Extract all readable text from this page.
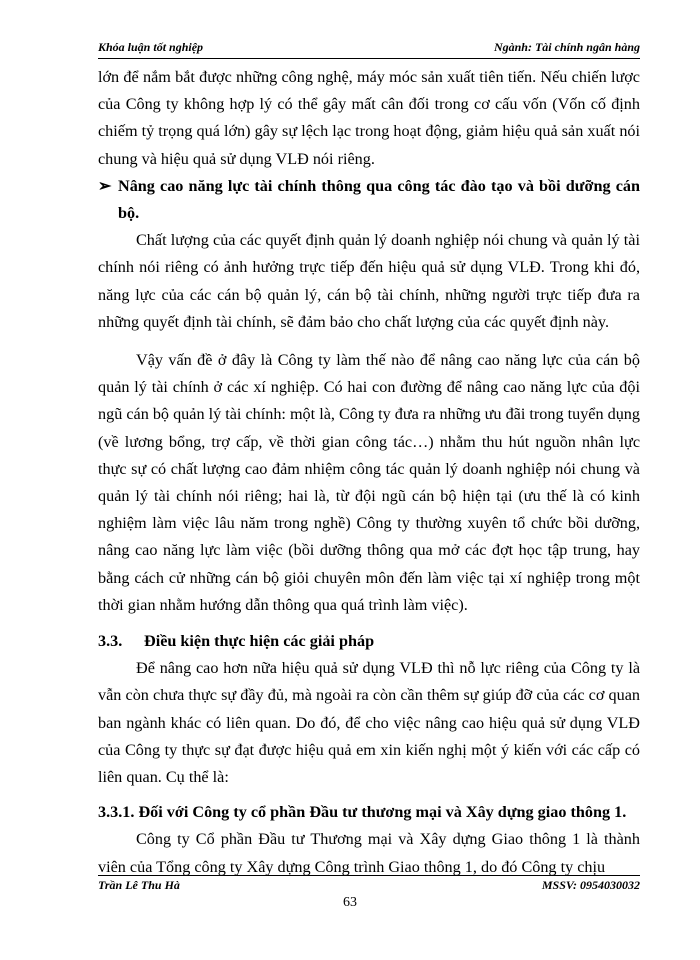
Khóa luận tốt nghiệp	Ngành: Tài chính ngân hàng

lớn để nắm bắt được những công nghệ, máy móc sản xuất tiên tiến. Nếu chiến lược của Công ty không hợp lý có thể gây mất cân đối trong cơ cấu vốn (Vốn cố định chiếm tỷ trọng quá lớn) gây sự lệch lạc trong hoạt động, giảm hiệu quả sản xuất nói chung và hiệu quả sử dụng VLĐ nói riêng.

➢ Nâng cao năng lực tài chính thông qua công tác đào tạo và bồi dưỡng cán bộ.

Chất lượng của các quyết định quản lý doanh nghiệp nói chung và quản lý tài chính nói riêng có ảnh hưởng trực tiếp đến hiệu quả sử dụng VLĐ. Trong khi đó, năng lực của các cán bộ quản lý, cán bộ tài chính, những người trực tiếp đưa ra những quyết định tài chính, sẽ đảm bảo cho chất lượng của các quyết định này.

Vậy vấn đề ở đây là Công ty làm thế nào để nâng cao năng lực của cán bộ quản lý tài chính ở các xí nghiệp. Có hai con đường để nâng cao năng lực của đội ngũ cán bộ quản lý tài chính: một là, Công ty đưa ra những ưu đãi trong tuyển dụng (về lương bổng, trợ cấp, về thời gian công tác…) nhằm thu hút nguồn nhân lực thực sự có chất lượng cao đảm nhiệm công tác quản lý doanh nghiệp nói chung và quản lý tài chính nói riêng; hai là, từ đội ngũ cán bộ hiện tại (ưu thế là có kinh nghiệm làm việc lâu năm trong nghề) Công ty thường xuyên tổ chức bồi dưỡng, nâng cao năng lực làm việc (bồi dưỡng thông qua mở các đợt học tập trung, hay bằng cách cử những cán bộ giỏi chuyên môn đến làm việc tại xí nghiệp trong một thời gian nhằm hướng dẫn thông qua quá trình làm việc).

3.3. Điều kiện thực hiện các giải pháp

Để nâng cao hơn nữa hiệu quả sử dụng VLĐ thì nỗ lực riêng của Công ty là vẫn còn chưa thực sự đầy đủ, mà ngoài ra còn cần thêm sự giúp đỡ của các cơ quan ban ngành khác có liên quan. Do đó, để cho việc nâng cao hiệu quả sử dụng VLĐ của Công ty thực sự đạt được hiệu quả em xin kiến nghị một ý kiến với các cấp có liên quan. Cụ thể là:

3.3.1. Đối với Công ty cổ phần Đầu tư thương mại và Xây dựng giao thông 1.

Công ty Cổ phần Đầu tư Thương mại và Xây dựng Giao thông 1 là thành viên của Tổng công ty Xây dựng Công trình Giao thông 1, do đó Công ty chịu

Trần Lê Thu Hà	MSSV: 0954030032
63
